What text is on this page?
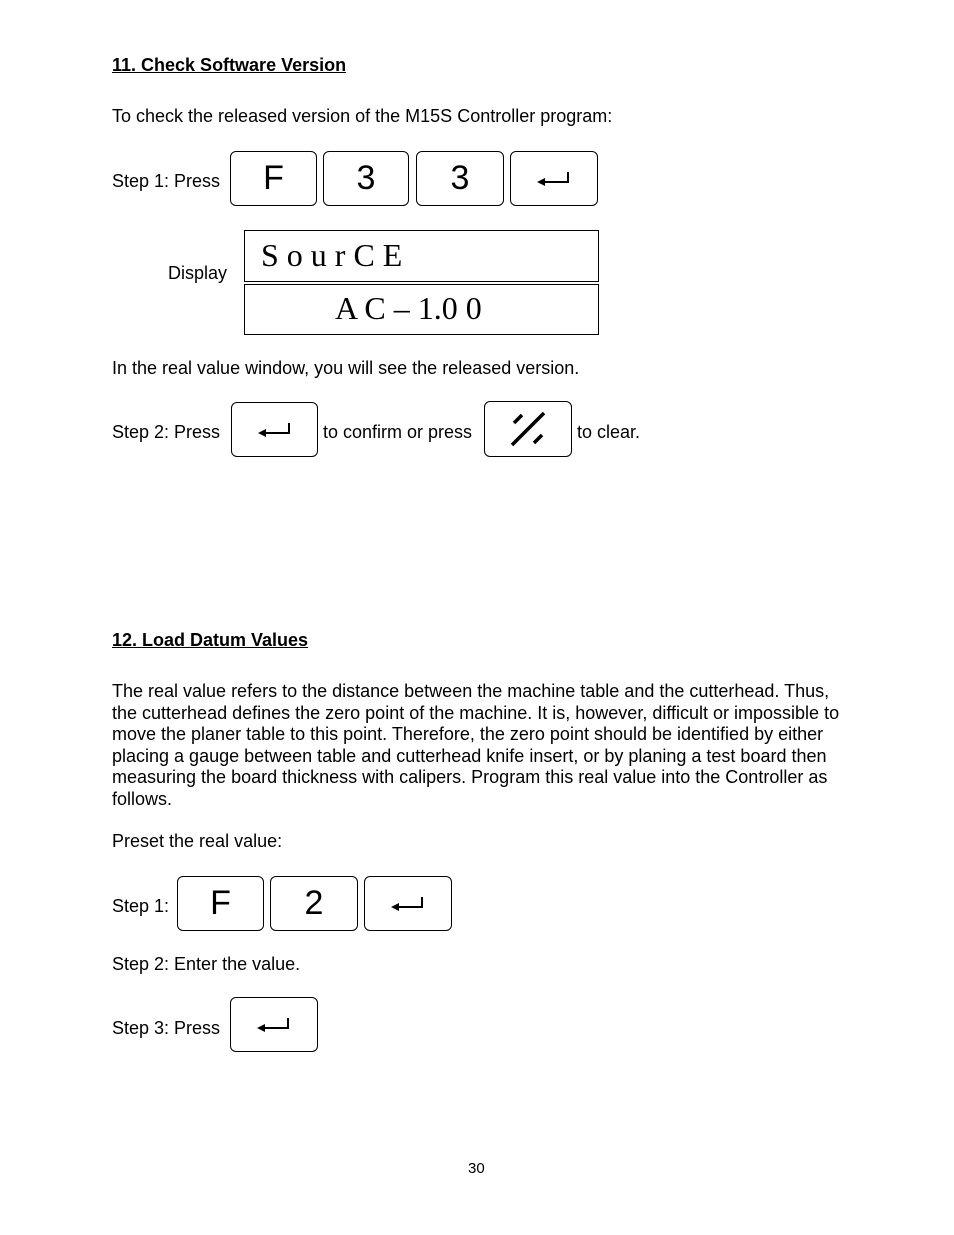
11. Check Software Version
To check the released version of the M15S Controller program:
Step 1: Press F 3 3
Display S o u r C E
A C – 1.0 0
In the real value window, you will see the released version.
Step 2: Press	to confirm or press	to clear.
12. Load Datum Values
The real value refers to the distance between the machine table and the cutterhead. Thus, the cutterhead defines the zero point of the machine. It is, however, difficult or impossible to move the planer table to this point. Therefore, the zero point should be identified by either placing a gauge between table and cutterhead knife insert, or by planing a test board then measuring the board thickness with calipers. Program this real value into the Controller as follows.
Preset the real value:
Step 1: F 2
Step 2: Enter the value.
Step 3: Press
30
